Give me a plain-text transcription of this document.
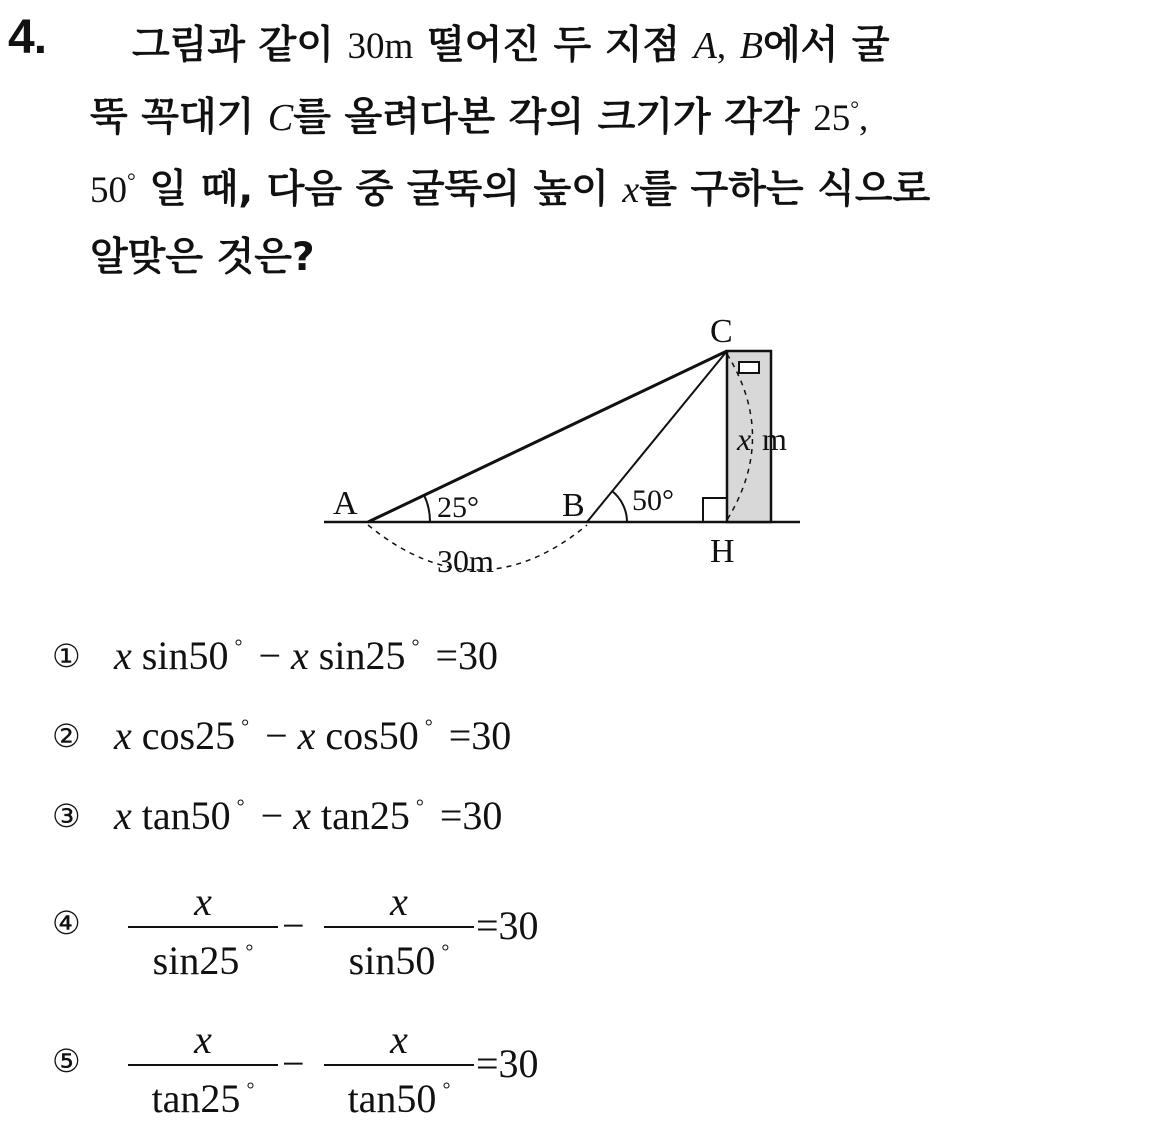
4. 그림과 같이 30m 떨어진 두 지점 A, B에서 굴
뚝 꼭대기 C를 올려다본 각의 크기가 각각 25°,
50° 일 때, 다음 중 굴뚝의 높이 x를 구하는 식으로
알맞은 것은?
A	B
C
H
25°	50°
30m
x m
① x sin50 ° − x sin25 ° =30
② x cos25 ° − x cos50 ° =30
③ x tan50 ° − x tan25 ° =30
④	x
sin25 °
−
x
sin50 °
=30
⑤	x
tan25 °
−
x
tan50 °
=30
